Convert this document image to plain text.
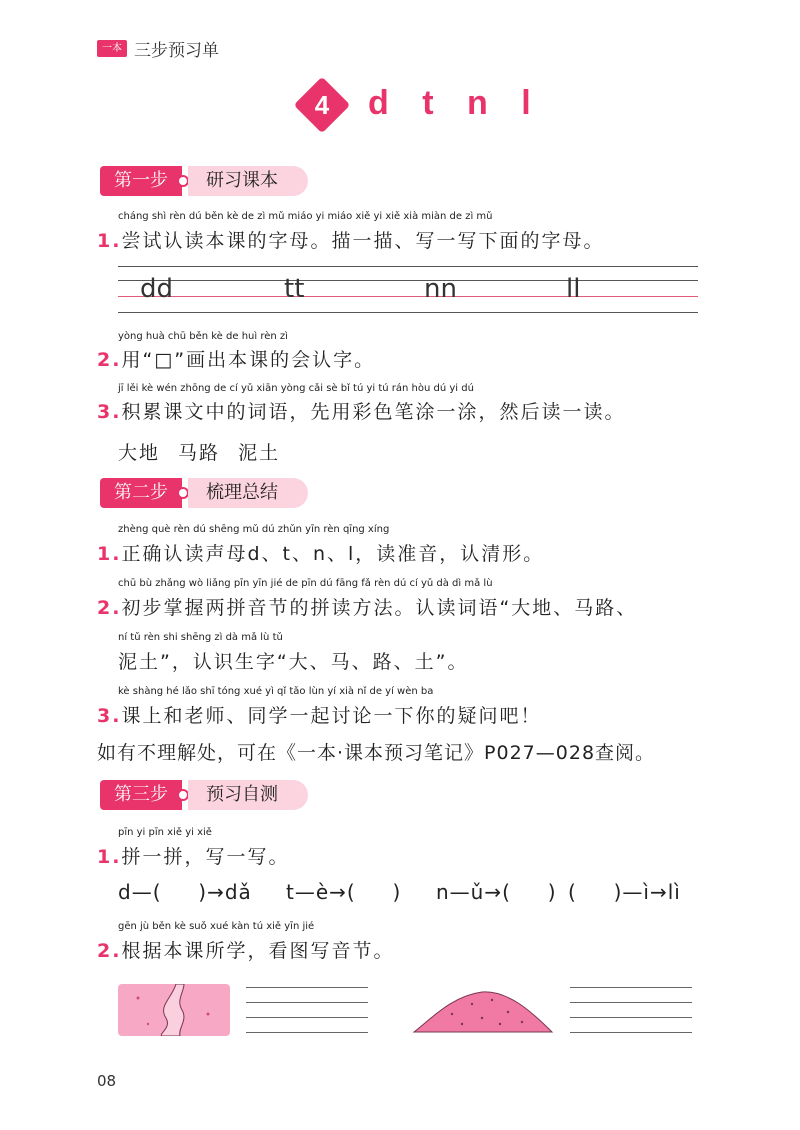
一本 三步预习单
4	d t n l
第一步	研习课本
cháng shì rèn dú běn kè de zì mǔ miáo yi miáo xiě yi xiě xià miàn de zì mǔ
1.尝试认读本课的字母。描一描、写一写下面的字母。
dd	tt	nn	ll
yòng huà chū běn kè de huì rèn zì
2.用“□”画出本课的会认字。
jī lěi kè wén zhōng de cí yǔ xiān yòng cǎi sè bǐ tú yi tú rán hòu dú yi dú
3.积累课文中的词语，先用彩色笔涂一涂，然后读一读。
大地 马路 泥土
第二步	梳理总结
zhèng què rèn dú shēng mǔ dú zhǔn yīn rèn qīng xíng
1.正确认读声母d、t、n、l，读准音，认清形。
chū bù zhǎng wò liǎng pīn yīn jié de pīn dú fāng fǎ rèn dú cí yǔ dà dì mǎ lù
2.初步掌握两拼音节的拼读方法。认读词语“大地、马路、
ní tǔ rèn shi shēng zì dà mǎ lù tǔ
泥土”，认识生字“大、马、路、土”。
kè shàng hé lǎo shī tóng xué yì qǐ tǎo lùn yí xià nǐ de yí wèn ba
3.课上和老师、同学一起讨论一下你的疑问吧！
如有不理解处，可在《一本·课本预习笔记》P027—028查阅。
第三步	预习自测
pīn yi pīn xiě yi xiě
1.拼一拼，写一写。
d—(     )→dǎ t—è→(     ) n—ǔ→(     ) (     )—ì→lì
gēn jù běn kè suǒ xué kàn tú xiě yīn jié
2.根据本课所学，看图写音节。
08
